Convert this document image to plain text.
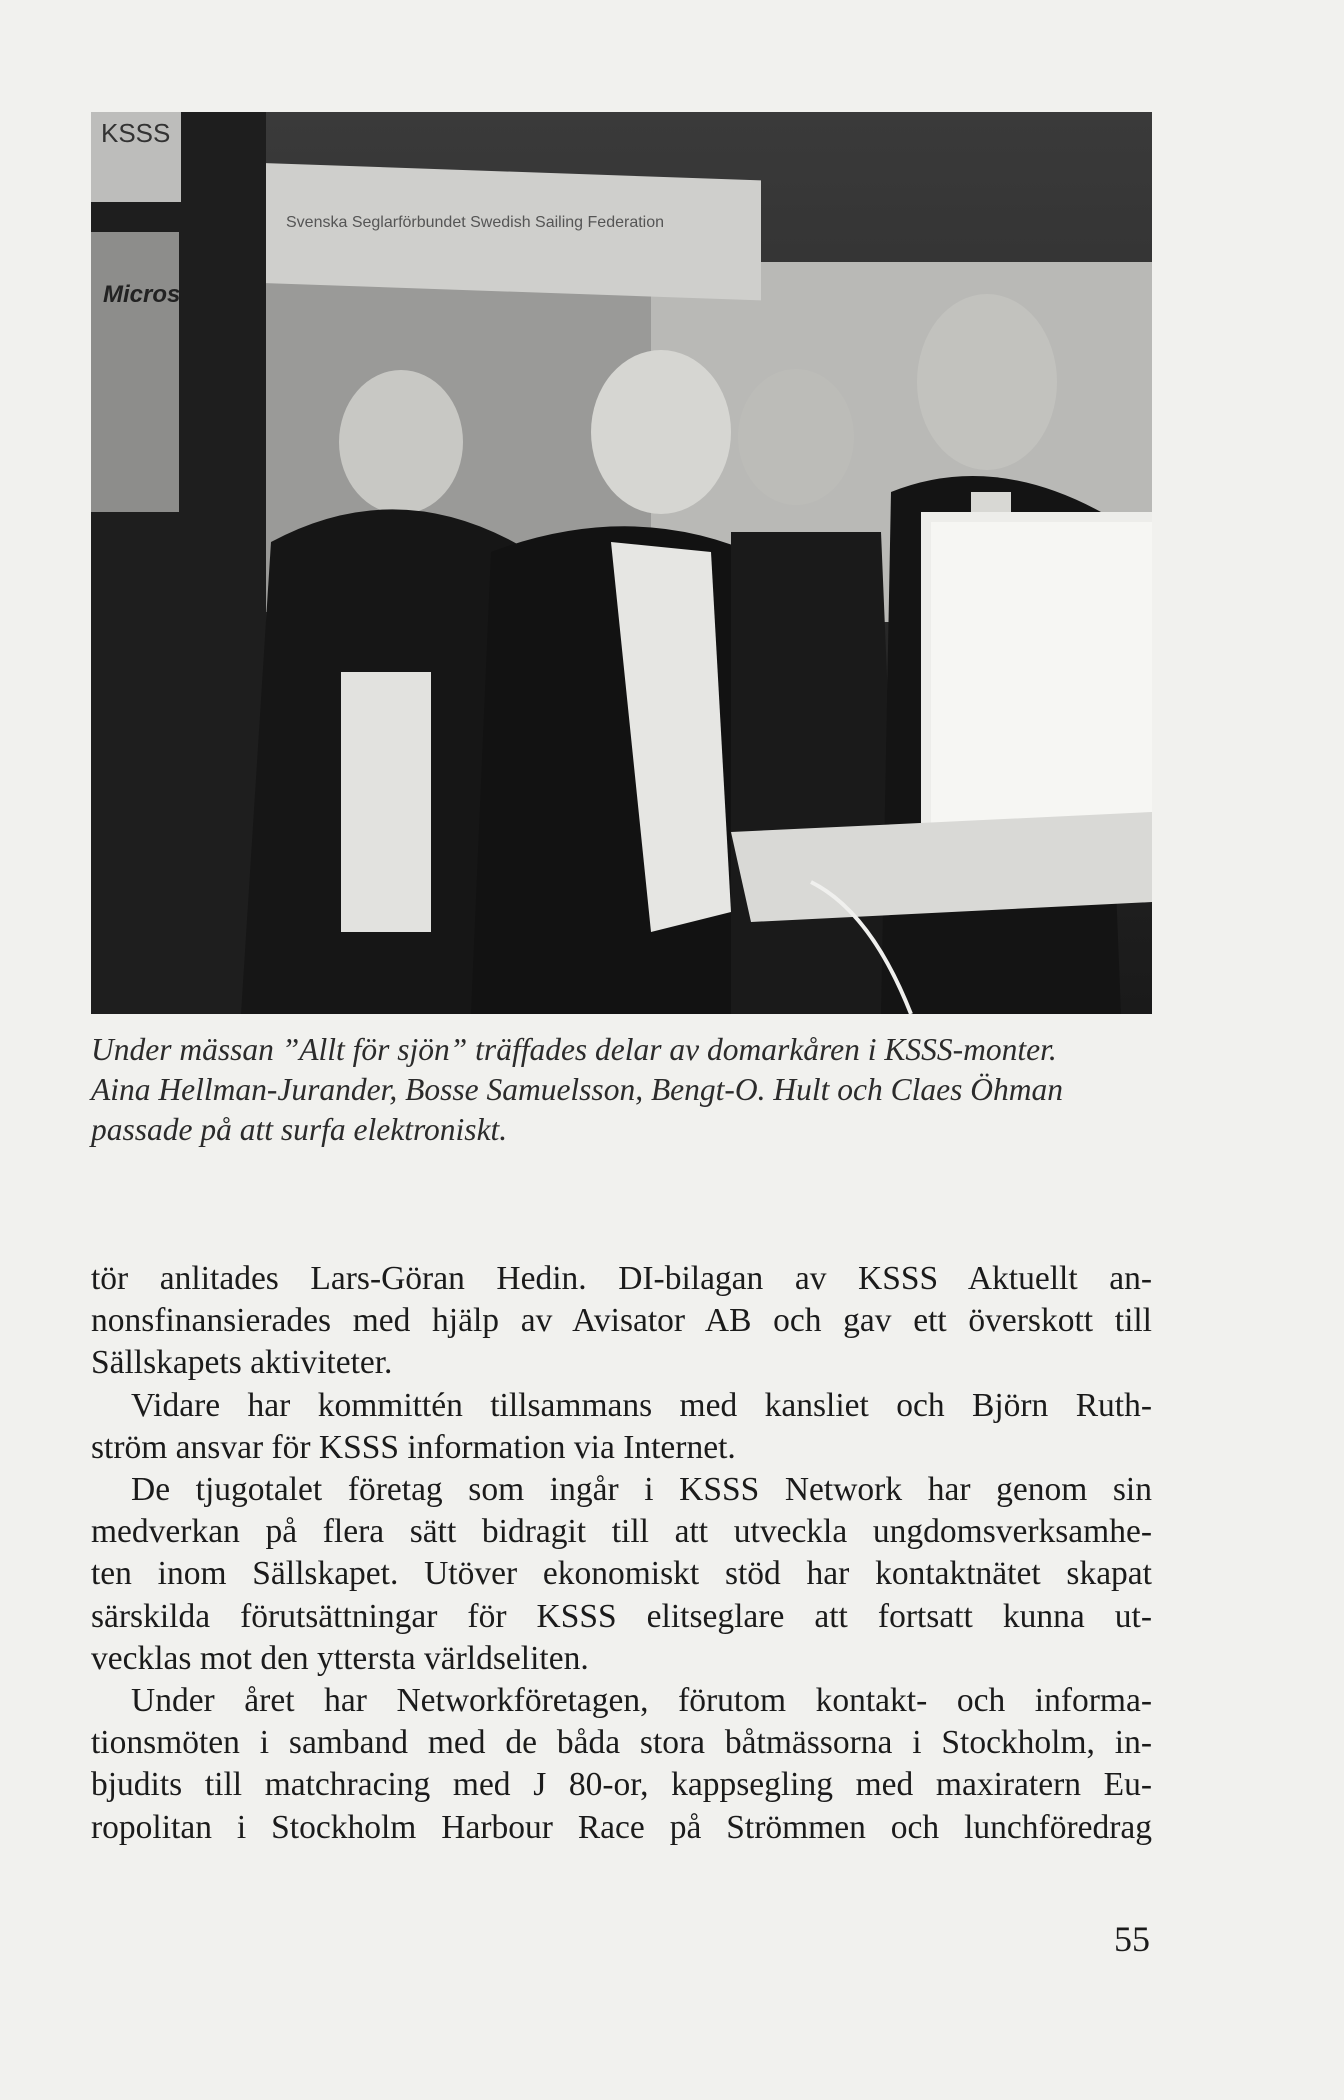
Svenska Seglarförbundet Swedish Sailing Federation
KSSS
Micros

Under mässan ”Allt för sjön” träffades delar av domarkåren i KSSS-monter.

Aina Hellman-Jurander, Bosse Samuelsson, Bengt-O. Hult och Claes Öhman

passade på att surfa elektroniskt.

tör anlitades Lars-Göran Hedin. DI-bilagan av KSSS Aktuellt an-

nonsfinansierades med hjälp av Avisator AB och gav ett överskott till

Sällskapets aktiviteter.

Vidare har kommittén tillsammans med kansliet och Björn Ruth-

ström ansvar för KSSS information via Internet.

De tjugotalet företag som ingår i KSSS Network har genom sin

medverkan på flera sätt bidragit till att utveckla ungdomsverksamhe-

ten inom Sällskapet. Utöver ekonomiskt stöd har kontaktnätet skapat

särskilda förutsättningar för KSSS elitseglare att fortsatt kunna ut-

vecklas mot den yttersta världseliten.

Under året har Networkföretagen, förutom kontakt- och informa-

tionsmöten i samband med de båda stora båtmässorna i Stockholm, in-

bjudits till matchracing med J 80-or, kappsegling med maxiratern Eu-

ropolitan i Stockholm Harbour Race på Strömmen och lunchföredrag

55
